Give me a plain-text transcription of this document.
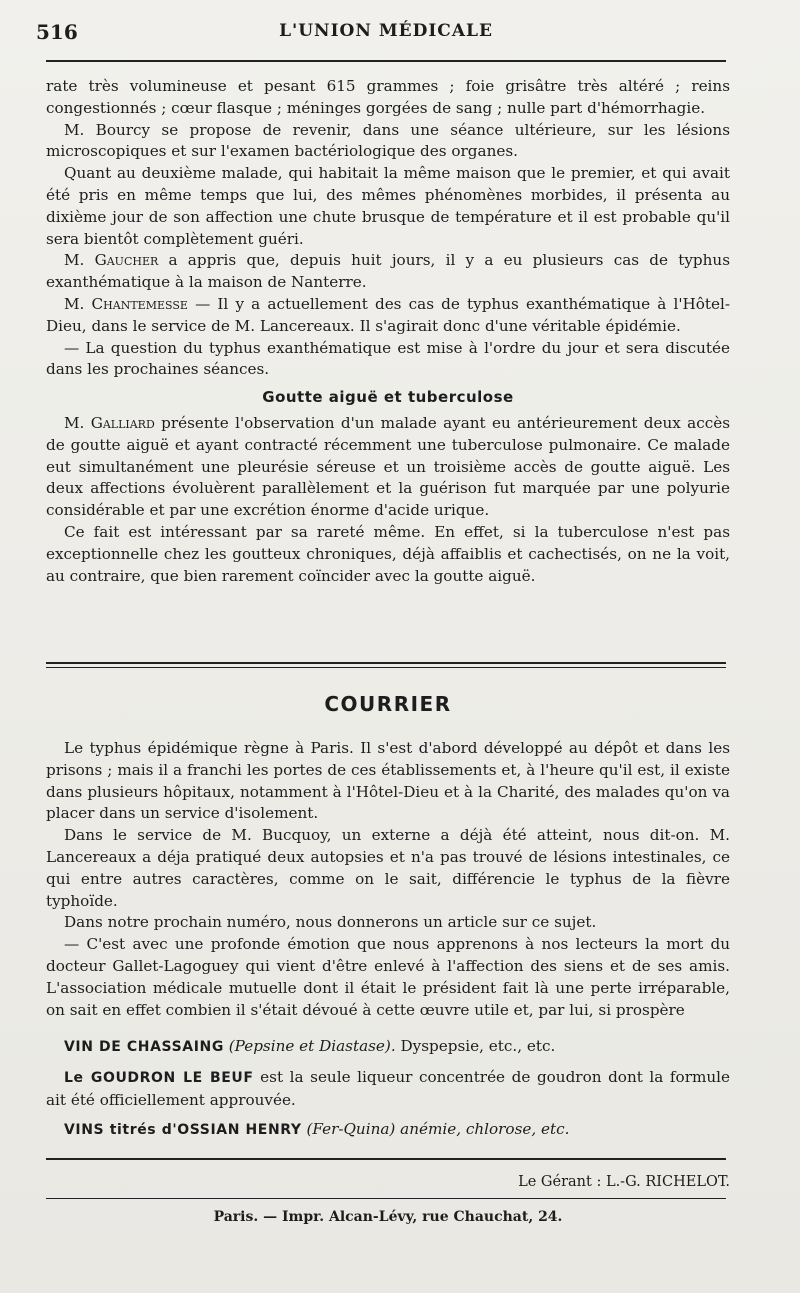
516	L'UNION MÉDICALE

rate très volumineuse et pesant 615 grammes ; foie grisâtre très altéré ; reins congestionnés ; cœur flasque ; méninges gorgées de sang ; nulle part d'hémorrhagie.

M. Bourcy se propose de revenir, dans une séance ultérieure, sur les lésions microscopiques et sur l'examen bactériologique des organes.

Quant au deuxième malade, qui habitait la même maison que le premier, et qui avait été pris en même temps que lui, des mêmes phénomènes morbides, il présenta au dixième jour de son affection une chute brusque de température et il est probable qu'il sera bientôt complètement guéri.

M. Gaucher a appris que, depuis huit jours, il y a eu plusieurs cas de typhus exanthématique à la maison de Nanterre.

M. Chantemesse — Il y a actuellement des cas de typhus exanthématique à l'Hôtel-Dieu, dans le service de M. Lancereaux. Il s'agirait donc d'une véritable épidémie.

— La question du typhus exanthématique est mise à l'ordre du jour et sera discutée dans les prochaines séances.

Goutte aiguë et tuberculose

M. Galliard présente l'observation d'un malade ayant eu antérieurement deux accès de goutte aiguë et ayant contracté récemment une tuberculose pulmonaire. Ce malade eut simultanément une pleurésie séreuse et un troisième accès de goutte aiguë. Les deux affections évoluèrent parallèlement et la guérison fut marquée par une polyurie considérable et par une excrétion énorme d'acide urique.

Ce fait est intéressant par sa rareté même. En effet, si la tuberculose n'est pas exceptionnelle chez les goutteux chroniques, déjà affaiblis et cachectisés, on ne la voit, au contraire, que bien rarement coïncider avec la goutte aiguë.

COURRIER

Le typhus épidémique règne à Paris. Il s'est d'abord développé au dépôt et dans les prisons ; mais il a franchi les portes de ces établissements et, à l'heure qu'il est, il existe dans plusieurs hôpitaux, notamment à l'Hôtel-Dieu et à la Charité, des malades qu'on va placer dans un service d'isolement.

Dans le service de M. Bucquoy, un externe a déjà été atteint, nous dit-on. M. Lancereaux a déja pratiqué deux autopsies et n'a pas trouvé de lésions intestinales, ce qui entre autres caractères, comme on le sait, différencie le typhus de la fièvre typhoïde.

Dans notre prochain numéro, nous donnerons un article sur ce sujet.

— C'est avec une profonde émotion que nous apprenons à nos lecteurs la mort du docteur Gallet-Lagoguey qui vient d'être enlevé à l'affection des siens et de ses amis. L'association médicale mutuelle dont il était le président fait là une perte irréparable, on sait en effet combien il s'était dévoué à cette œuvre utile et, par lui, si prospère

VIN DE CHASSAING (Pepsine et Diastase). Dyspepsie, etc., etc.

Le GOUDRON LE BEUF est la seule liqueur concentrée de goudron dont la formule ait été officiellement approuvée.

VINS titrés d'OSSIAN HENRY (Fer-Quina) anémie, chlorose, etc.

Le Gérant : L.-G. RICHELOT.
Paris. — Impr. Alcan-Lévy, rue Chauchat, 24.
